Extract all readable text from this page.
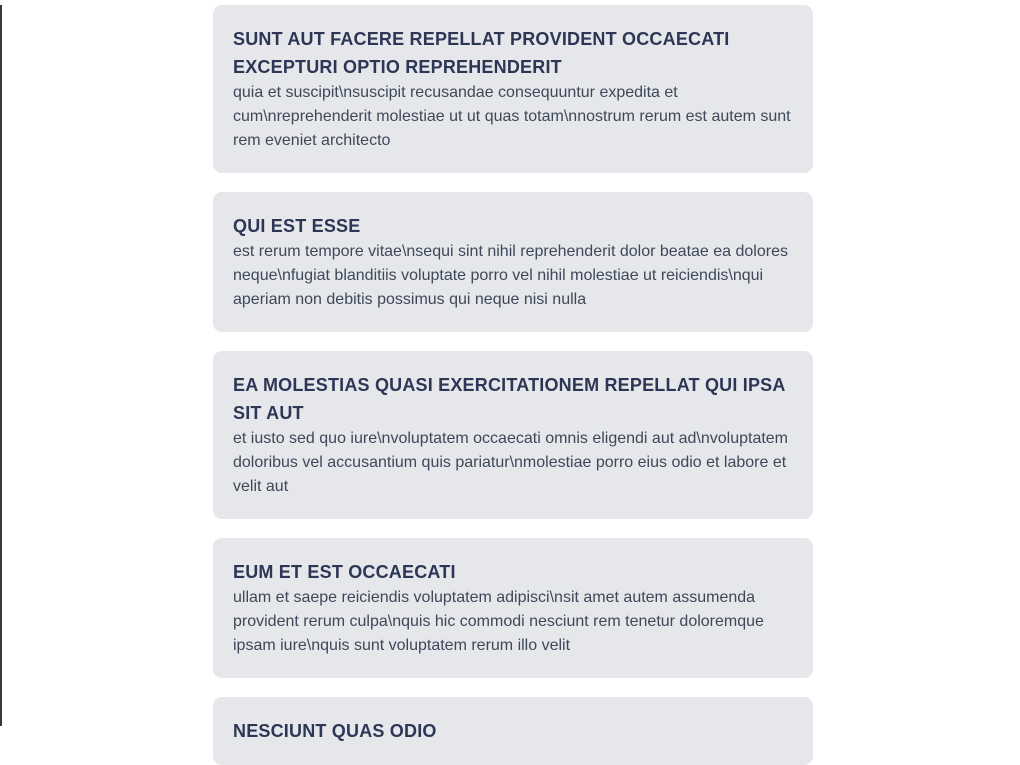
SUNT AUT FACERE REPELLAT PROVIDENT OCCAECATI EXCEPTURI OPTIO REPREHENDERIT

quia et suscipit\nsuscipit recusandae consequuntur expedita et cum\nreprehenderit molestiae ut ut quas totam\nnostrum rerum est autem sunt rem eveniet architecto

QUI EST ESSE

est rerum tempore vitae\nsequi sint nihil reprehenderit dolor beatae ea dolores neque\nfugiat blanditiis voluptate porro vel nihil molestiae ut reiciendis\nqui aperiam non debitis possimus qui neque nisi nulla

EA MOLESTIAS QUASI EXERCITATIONEM REPELLAT QUI IPSA SIT AUT

et iusto sed quo iure\nvoluptatem occaecati omnis eligendi aut ad\nvoluptatem doloribus vel accusantium quis pariatur\nmolestiae porro eius odio et labore et velit aut

EUM ET EST OCCAECATI

ullam et saepe reiciendis voluptatem adipisci\nsit amet autem assumenda provident rerum culpa\nquis hic commodi nesciunt rem tenetur doloremque ipsam iure\nquis sunt voluptatem rerum illo velit

NESCIUNT QUAS ODIO
